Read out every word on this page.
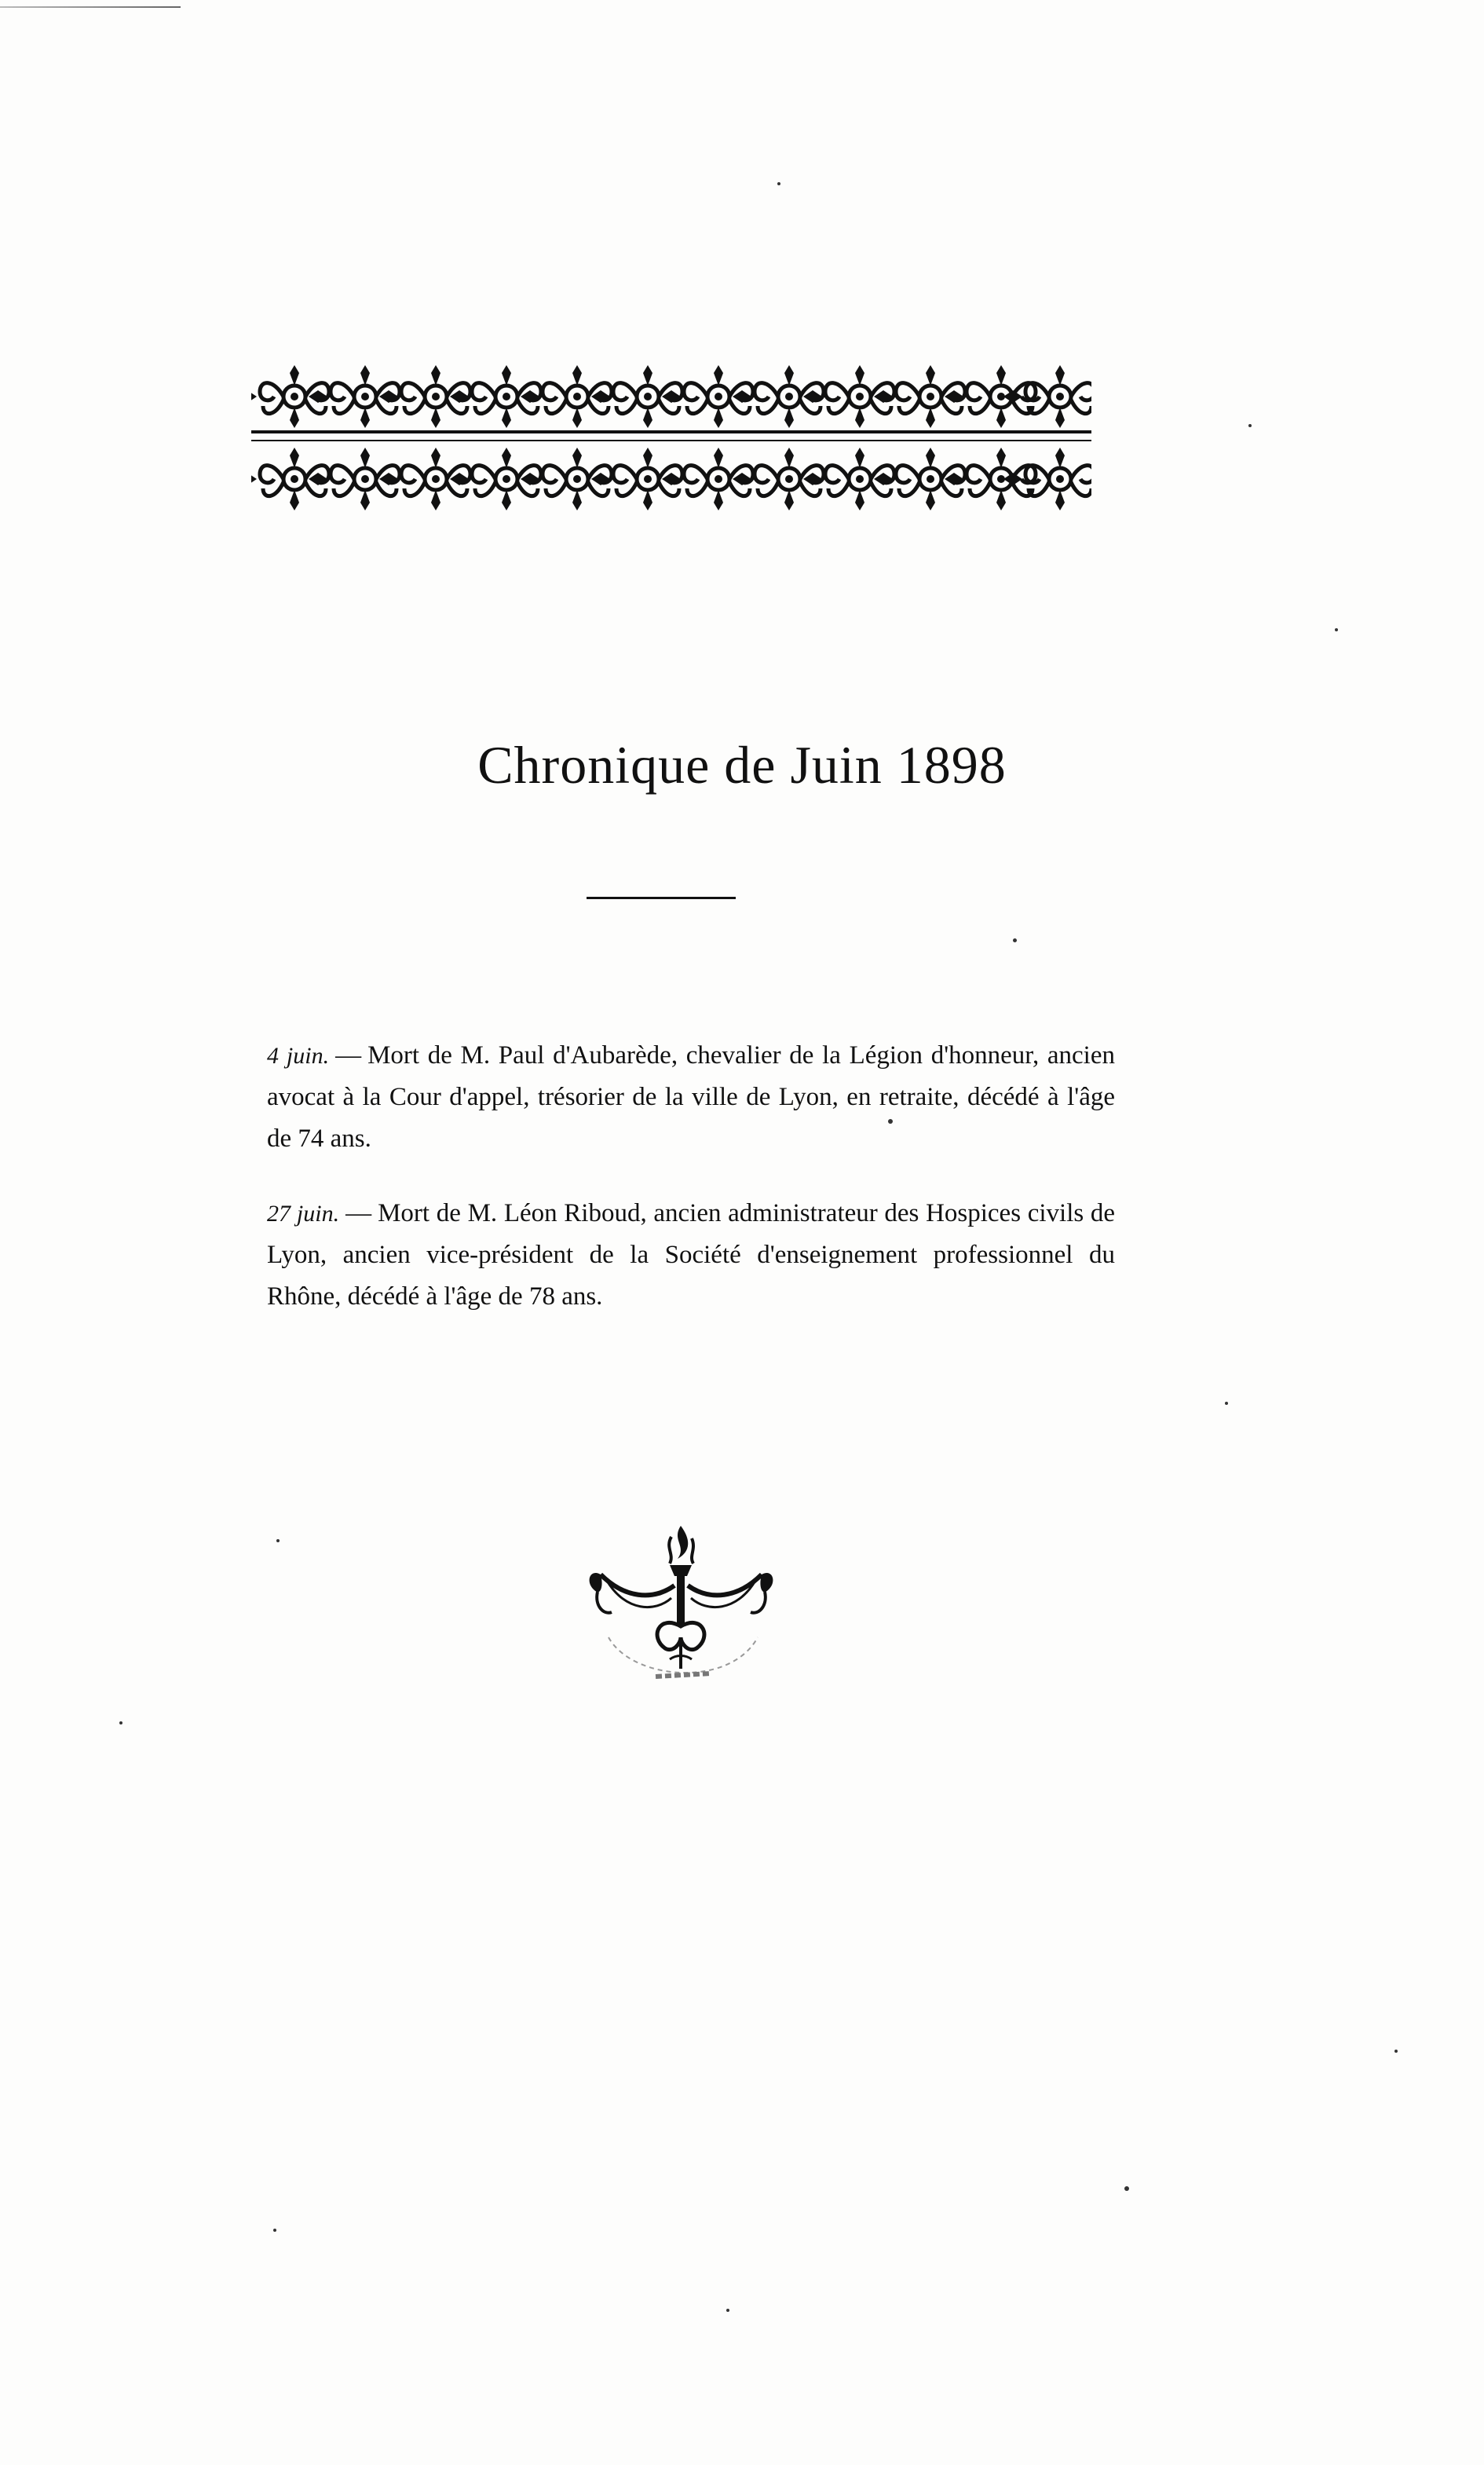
Chronique de Juin 1898

4 juin. — Mort de M. Paul d'Aubarède, chevalier de la Légion d'honneur, ancien avocat à la Cour d'appel, trésorier de la ville de Lyon, en retraite, décédé à l'âge de 74 ans.

27 juin. — Mort de M. Léon Riboud, ancien administrateur des Hospices civils de Lyon, ancien vice-président de la Société d'enseignement professionnel du Rhône, décédé à l'âge de 78 ans.
